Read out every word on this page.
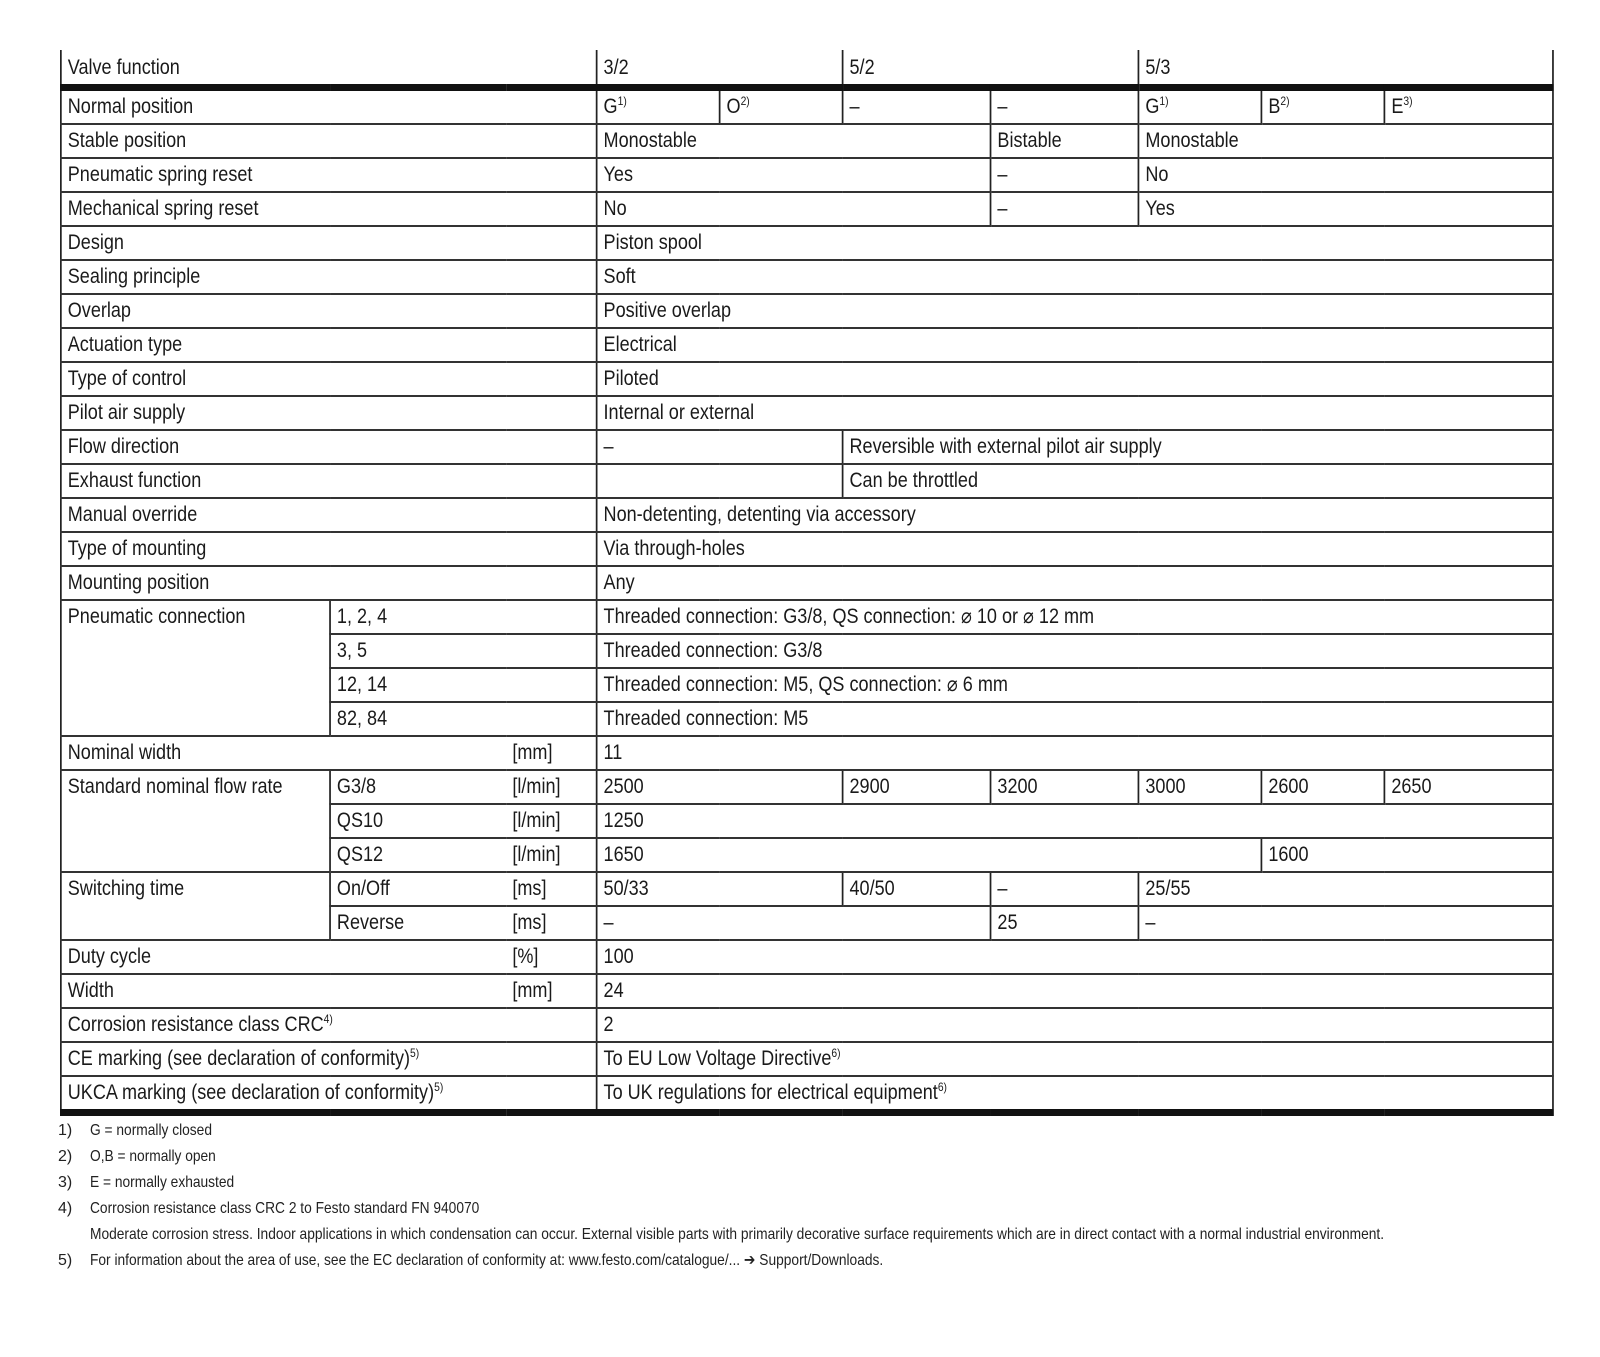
Valve function			3/2		5/2		5/3		
Normal position			$G^{1)}$	$O^{2)}$	–	–	$G^{1)}$	$B^{2)}$	$E^{3)}$
Stable position			Monostable			Bistable	Monostable		
Pneumatic spring reset			Yes			–	No		
Mechanical spring reset			No			–	Yes		
Design			Piston spool						
Sealing principle			Soft						
Overlap			Positive overlap						
Actuation type			Electrical						
Type of control			Piloted						
Pilot air supply			Internal or external						
Flow direction			–		Reversible with external pilot air supply				
Exhaust function					Can be throttled				
Manual override			Non-detenting, detenting via accessory						
Type of mounting			Via through-holes						
Mounting position			Any						
Pneumatic connection	1, 2, 4		Threaded connection: G3/8, QS connection: ⌀ 10 or ⌀ 12 mm						
	3, 5		Threaded connection: G3/8						
	12, 14		Threaded connection: M5, QS connection: ⌀ 6 mm						
	82, 84		Threaded connection: M5						
Nominal width		[mm]	11						
Standard nominal flow rate	G3/8	[l/min]	2500		2900	3200	3000	2600	2650
	QS10	[l/min]	1250						
	QS12	[l/min]	1650					1600	
Switching time	On/Off	[ms]	50/33		40/50	–	25/55		
	Reverse	[ms]	–			25	–		
Duty cycle		[%]	100						
Width		[mm]	24						
Corrosion resistance class CRC$^{4)}$			2						
CE marking (see declaration of conformity)$^{5)}$			To EU Low Voltage Directive$^{6)}$
UKCA marking (see declaration of conformity)$^{5)}$			To UK regulations for electrical equipment$^{6)}$
1)	G = normally closed
2)	O,B = normally open
3)	E = normally exhausted
4)	Corrosion resistance class CRC 2 to Festo standard FN 940070
Moderate corrosion stress. Indoor applications in which condensation can occur. External visible parts with primarily decorative surface requirements which are in direct contact with a normal industrial environment.
5)	For information about the area of use, see the EC declaration of conformity at: www.festo.com/catalogue/... ➔ Support/Downloads.
